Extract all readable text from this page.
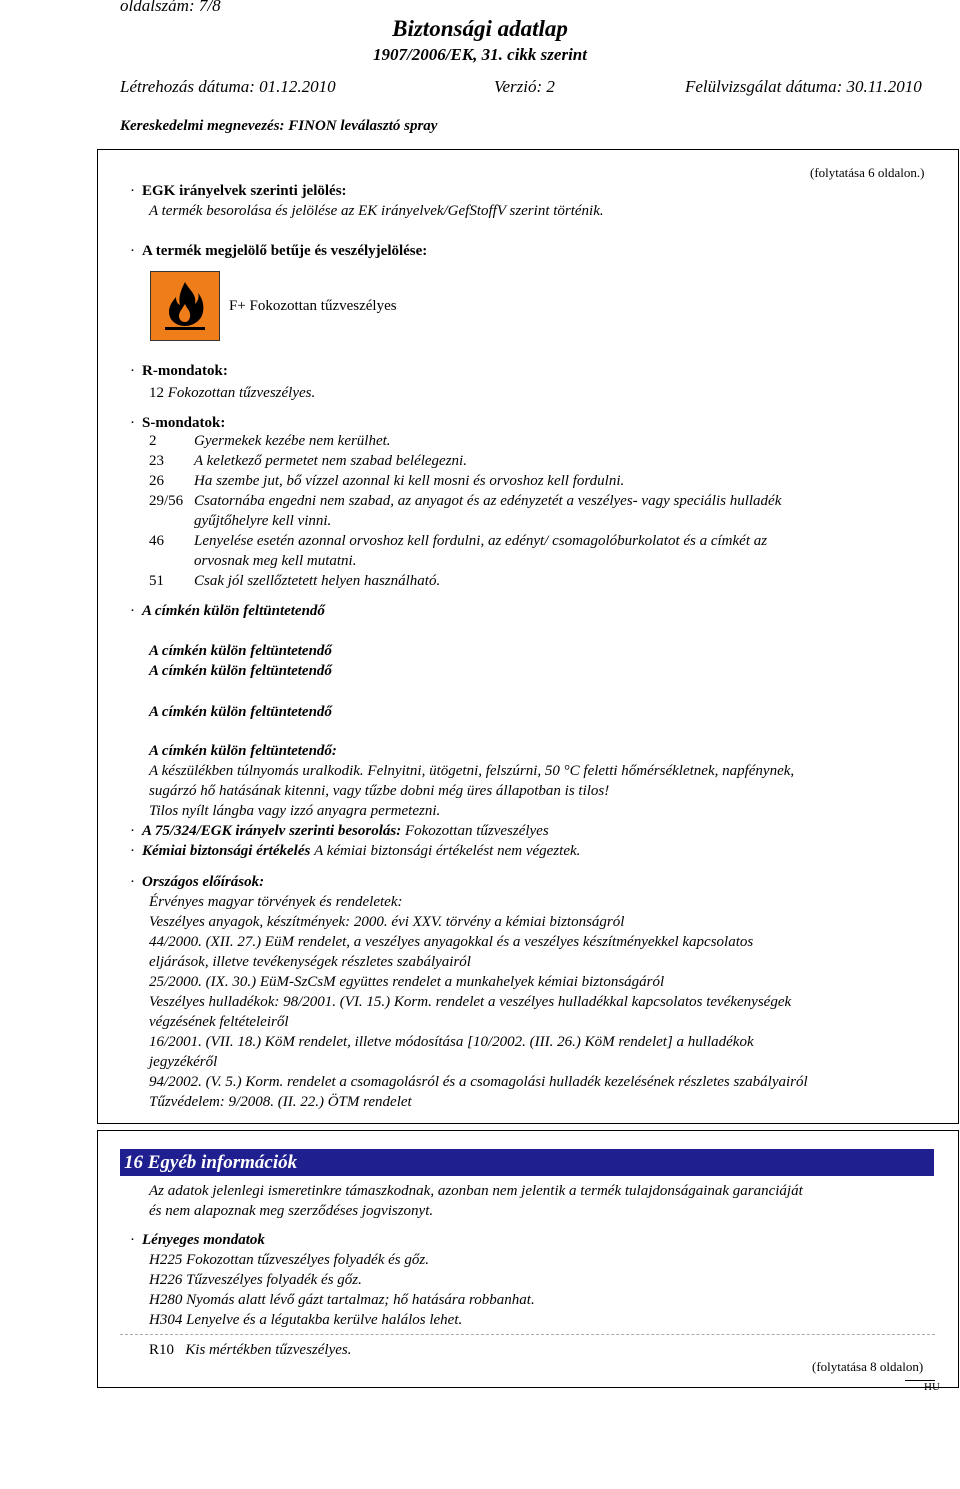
oldalszám: 7/8
Biztonsági adatlap
1907/2006/EK, 31. cikk szerint
Létrehozás dátuma: 01.12.2010	Verzió: 2	Felülvizsgálat dátuma: 30.11.2010
Kereskedelmi megnevezés: FINON leválasztó spray
(folytatása 6 oldalon.)
· EGK irányelvek szerinti jelölés:
A termék besorolása és jelölése az EK irányelvek/GefStoffV szerint történik.
· A termék megjelölő betűje és veszélyjelölése:
F+ Fokozottan tűzveszélyes
· R-mondatok:
12 Fokozottan tűzveszélyes.
· S-mondatok:
2	Gyermekek kezébe nem kerülhet.
23 A keletkező permetet nem szabad belélegezni.
26 Ha szembe jut, bő vízzel azonnal ki kell mosni és orvoshoz kell fordulni.
29/56 Csatornába engedni nem szabad, az anyagot és az edényzetét a veszélyes- vagy speciális hulladék
gyűjtőhelyre kell vinni.
46 Lenyelése esetén azonnal orvoshoz kell fordulni, az edényt/ csomagolóburkolatot és a címkét az
orvosnak meg kell mutatni.
51 Csak jól szellőztetett helyen használható.
· A címkén külön feltüntetendő
A címkén külön feltüntetendő
A címkén külön feltüntetendő
A címkén külön feltüntetendő
A címkén külön feltüntetendő:
A készülékben túlnyomás uralkodik. Felnyitni, ütögetni, felszúrni, 50 °C feletti hőmérsékletnek, napfénynek,
sugárzó hő hatásának kitenni, vagy tűzbe dobni még üres állapotban is tilos!
Tilos nyílt lángba vagy izzó anyagra permetezni.
· A 75/324/EGK irányelv szerinti besorolás: Fokozottan tűzveszélyes
· Kémiai biztonsági értékelés A kémiai biztonsági értékelést nem végeztek.
· Országos előírások:
Érvényes magyar törvények és rendeletek:
Veszélyes anyagok, készítmények: 2000. évi XXV. törvény a kémiai biztonságról
44/2000. (XII. 27.) EüM rendelet, a veszélyes anyagokkal és a veszélyes készítményekkel kapcsolatos
eljárások, illetve tevékenységek részletes szabályairól
25/2000. (IX. 30.) EüM-SzCsM együttes rendelet a munkahelyek kémiai biztonságáról
Veszélyes hulladékok: 98/2001. (VI. 15.) Korm. rendelet a veszélyes hulladékkal kapcsolatos tevékenységek
végzésének feltételeiről
16/2001. (VII. 18.) KöM rendelet, illetve módosítása [10/2002. (III. 26.) KöM rendelet] a hulladékok
jegyzékéről
94/2002. (V. 5.) Korm. rendelet a csomagolásról és a csomagolási hulladék kezelésének részletes szabályairól
Tűzvédelem: 9/2008. (II. 22.) ÖTM rendelet
16 Egyéb információk
Az adatok jelenlegi ismeretinkre támaszkodnak, azonban nem jelentik a termék tulajdonságainak garanciáját
és nem alapoznak meg szerződéses jogviszonyt.
· Lényeges mondatok
H225 Fokozottan tűzveszélyes folyadék és gőz.
H226 Tűzveszélyes folyadék és gőz.
H280 Nyomás alatt lévő gázt tartalmaz; hő hatására robbanhat.
H304 Lenyelve és a légutakba kerülve halálos lehet.
R10 Kis mértékben tűzveszélyes.
(folytatása 8 oldalon)
HU
